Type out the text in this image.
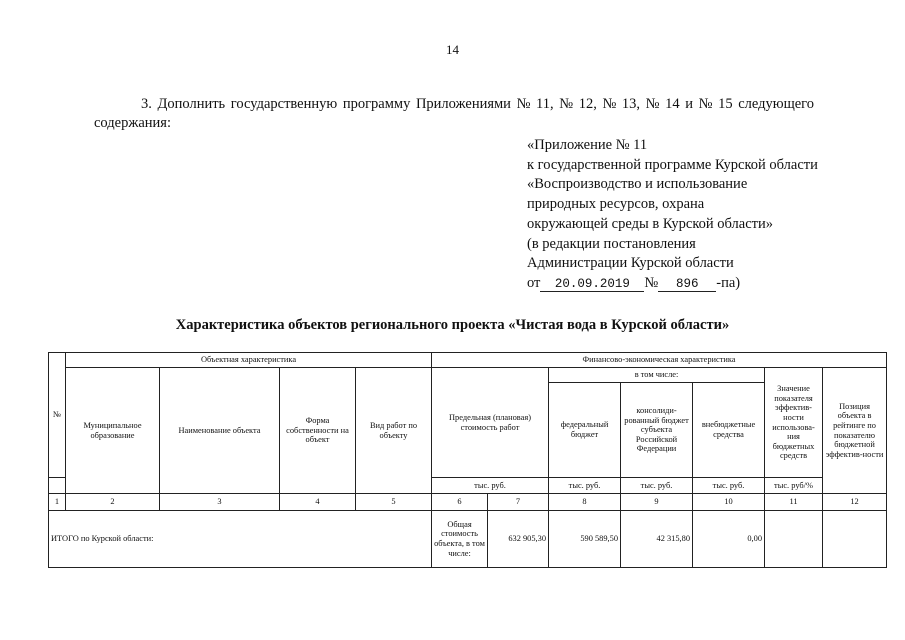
14
3. Дополнить государственную программу Приложениями № 11, № 12, № 13, № 14 и № 15 следующего
содержания:
«Приложение № 11
к государственной программе Курской области
«Воспроизводство и использование
природных ресурсов, охрана
окружающей среды в Курской области»
(в редакции постановления
Администрации Курской области
от 20.09.2019 № 896 -па)
Характеристика объектов регионального проекта «Чистая вода в Курской области»
№	Объектная характеристика				Финансово-экономическая характеристика						
	Муниципальное образование	Наименование объекта	Форма собственности на объект	Вид работ по объекту	Предельная (плановая) стоимость работ		в том числе:			Значение показателя эффектив-ности использова-ния бюджетных средств	Позиция объекта в рейтинге по показателю бюджетной эффектив-ности
							федеральный бюджет	консолиди-рованный бюджет субъекта Российской Федерации	внебюджетные средства		
					тыс. руб.		тыс. руб.	тыс. руб.	тыс. руб.	тыс. руб/%	
1	2	3	4	5	6	7	8	9	10	11	12
ИТОГО по Курской области:					Общая стоимость объекта, в том числе:	632 905,30	590 589,50	42 315,80	0,00		
